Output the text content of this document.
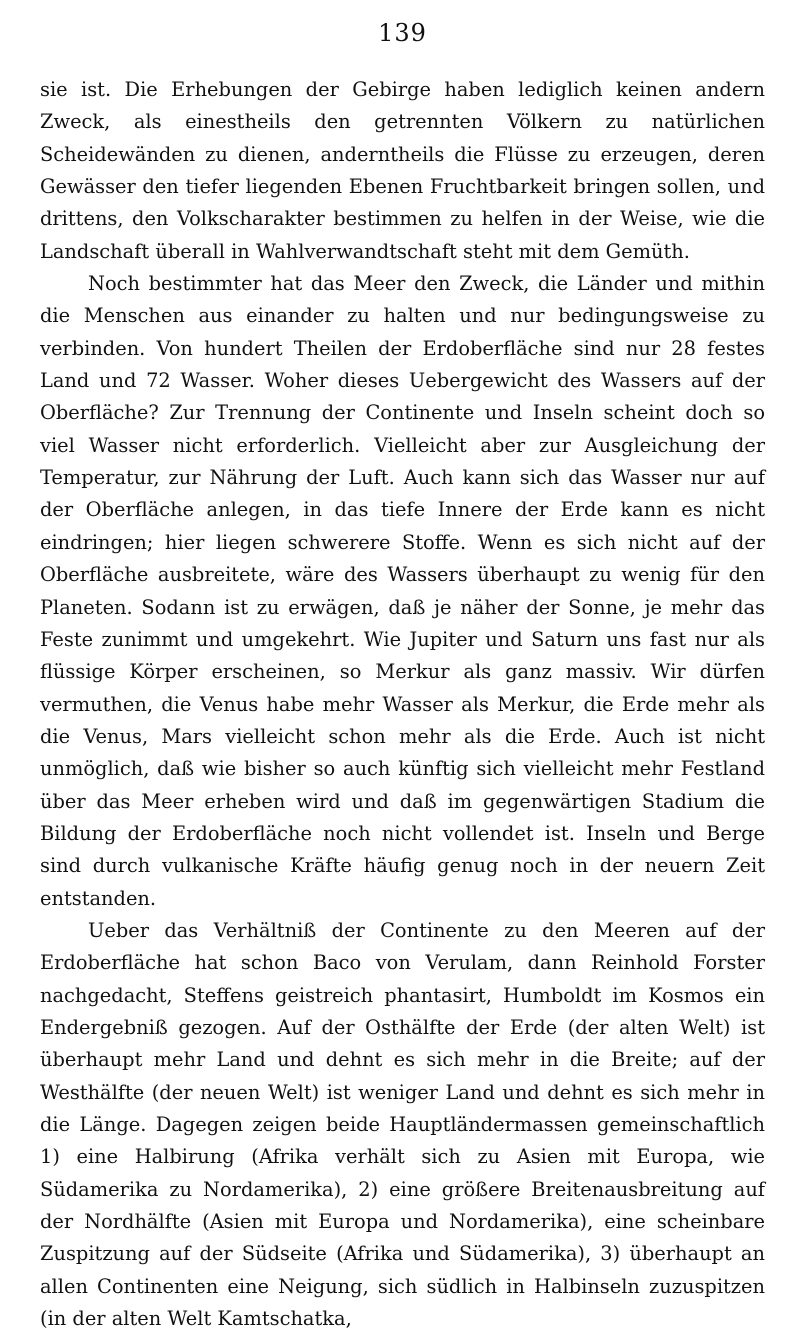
139

sie ist. Die Erhebungen der Gebirge haben lediglich keinen andern Zweck, als einestheils den getrennten Völkern zu natürlichen Scheidewänden zu dienen, anderntheils die Flüsse zu erzeugen, deren Gewässer den tiefer liegenden Ebenen Fruchtbarkeit bringen sollen, und drittens, den Volkscharakter bestimmen zu helfen in der Weise, wie die Landschaft überall in Wahlverwandtschaft steht mit dem Gemüth.

Noch bestimmter hat das Meer den Zweck, die Länder und mithin die Menschen aus einander zu halten und nur bedingungsweise zu verbinden. Von hundert Theilen der Erdoberfläche sind nur 28 festes Land und 72 Wasser. Woher dieses Uebergewicht des Wassers auf der Oberfläche? Zur Trennung der Continente und Inseln scheint doch so viel Wasser nicht erforderlich. Vielleicht aber zur Ausgleichung der Temperatur, zur Nährung der Luft. Auch kann sich das Wasser nur auf der Oberfläche anlegen, in das tiefe Innere der Erde kann es nicht eindringen; hier liegen schwerere Stoffe. Wenn es sich nicht auf der Oberfläche ausbreitete, wäre des Wassers überhaupt zu wenig für den Planeten. Sodann ist zu erwägen, daß je näher der Sonne, je mehr das Feste zunimmt und umgekehrt. Wie Jupiter und Saturn uns fast nur als flüssige Körper erscheinen, so Merkur als ganz massiv. Wir dürfen vermuthen, die Venus habe mehr Wasser als Merkur, die Erde mehr als die Venus, Mars vielleicht schon mehr als die Erde. Auch ist nicht unmöglich, daß wie bisher so auch künftig sich vielleicht mehr Festland über das Meer erheben wird und daß im gegenwärtigen Stadium die Bildung der Erdoberfläche noch nicht vollendet ist. Inseln und Berge sind durch vulkanische Kräfte häufig genug noch in der neuern Zeit entstanden.

Ueber das Verhältniß der Continente zu den Meeren auf der Erdoberfläche hat schon Baco von Verulam, dann Reinhold Forster nachgedacht, Steffens geistreich phantasirt, Humboldt im Kosmos ein Endergebniß gezogen. Auf der Osthälfte der Erde (der alten Welt) ist überhaupt mehr Land und dehnt es sich mehr in die Breite; auf der Westhälfte (der neuen Welt) ist weniger Land und dehnt es sich mehr in die Länge. Dagegen zeigen beide Hauptländermassen gemeinschaftlich 1) eine Halbirung (Afrika verhält sich zu Asien mit Europa, wie Südamerika zu Nordamerika), 2) eine größere Breitenausbreitung auf der Nordhälfte (Asien mit Europa und Nordamerika), eine scheinbare Zuspitzung auf der Südseite (Afrika und Südamerika), 3) überhaupt an allen Continenten eine Neigung, sich südlich in Halbinseln zuzuspitzen (in der alten Welt Kamtschatka,
